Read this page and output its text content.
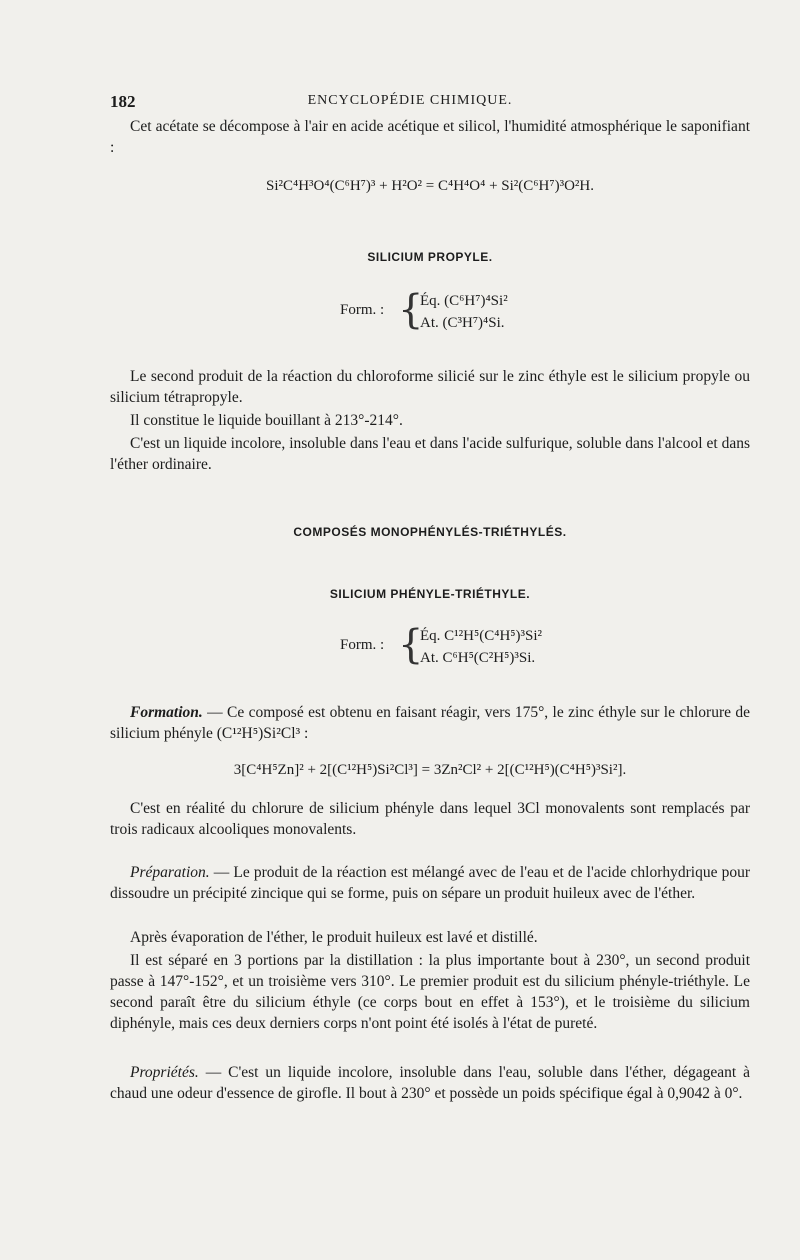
182	ENCYCLOPÉDIE CHIMIQUE.

Cet acétate se décompose à l'air en acide acétique et silicol, l'humidité atmosphérique le saponifiant :

Si²C⁴H³O⁴(C⁶H⁷)³ + H²O² = C⁴H⁴O⁴ + Si²(C⁶H⁷)³O²H.
SILICIUM PROPYLE.
Form. : {
Éq. (C⁶H⁷)⁴Si²
At. (C³H⁷)⁴Si.

Le second produit de la réaction du chloroforme silicié sur le zinc éthyle est le silicium propyle ou silicium tétrapropyle.

Il constitue le liquide bouillant à 213°-214°.

C'est un liquide incolore, insoluble dans l'eau et dans l'acide sulfurique, soluble dans l'alcool et dans l'éther ordinaire.

COMPOSÉS MONOPHÉNYLÉS-TRIÉTHYLÉS.
SILICIUM PHÉNYLE-TRIÉTHYLE.
Form. : {
Éq. C¹²H⁵(C⁴H⁵)³Si²
At. C⁶H⁵(C²H⁵)³Si.

Formation. — Ce composé est obtenu en faisant réagir, vers 175°, le zinc éthyle sur le chlorure de silicium phényle (C¹²H⁵)Si²Cl³ :

3[C⁴H⁵Zn]² + 2[(C¹²H⁵)Si²Cl³] = 3Zn²Cl² + 2[(C¹²H⁵)(C⁴H⁵)³Si²].

C'est en réalité du chlorure de silicium phényle dans lequel 3Cl monovalents sont remplacés par trois radicaux alcooliques monovalents.

Préparation. — Le produit de la réaction est mélangé avec de l'eau et de l'acide chlorhydrique pour dissoudre un précipité zincique qui se forme, puis on sépare un produit huileux avec de l'éther.

Après évaporation de l'éther, le produit huileux est lavé et distillé.

Il est séparé en 3 portions par la distillation : la plus importante bout à 230°, un second produit passe à 147°-152°, et un troisième vers 310°. Le premier produit est du silicium phényle-triéthyle. Le second paraît être du silicium éthyle (ce corps bout en effet à 153°), et le troisième du silicium diphényle, mais ces deux derniers corps n'ont point été isolés à l'état de pureté.

Propriétés. — C'est un liquide incolore, insoluble dans l'eau, soluble dans l'éther, dégageant à chaud une odeur d'essence de girofle. Il bout à 230° et possède un poids spécifique égal à 0,9042 à 0°.
